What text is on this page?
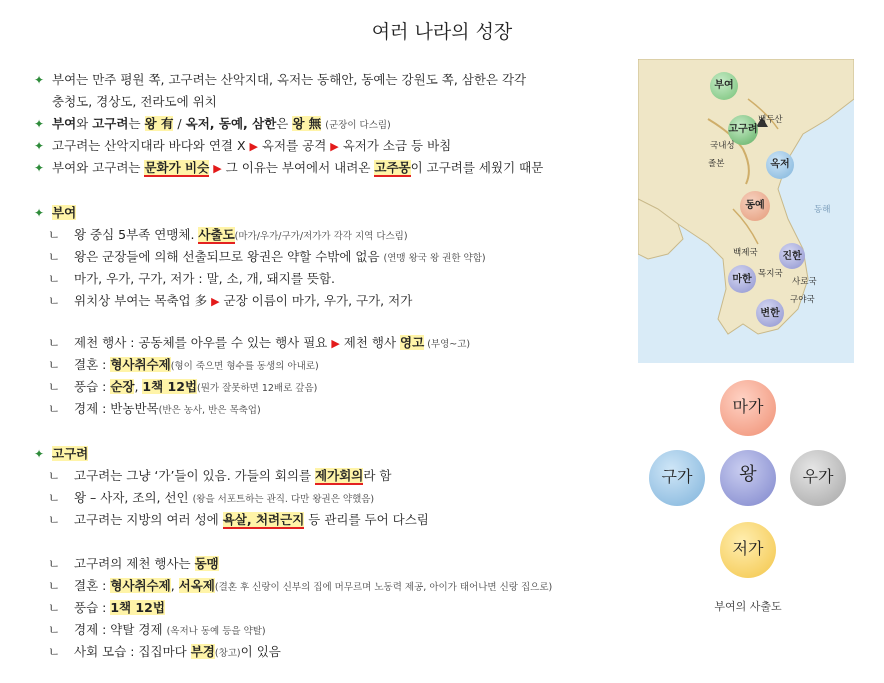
여러 나라의 성장
✦ 부여는 만주 평원 쪽, 고구려는 산악지대, 옥저는 동해안, 동예는 강원도 쪽, 삼한은 각각
충청도, 경상도, 전라도에 위치
✦ 부여와 고구려는 왕 有 / 옥저, 동예, 삼한은 왕 無 (군장이 다스림)
✦ 고구려는 산악지대라 바다와 연결 X ▶ 옥저를 공격 ▶ 옥저가 소금 등 바침
✦ 부여와 고구려는 문화가 비슷 ▶ 그 이유는 부여에서 내려온 고주몽이 고구려를 세웠기 때문
✦ 부여
ㄴ 왕 중심 5부족 연맹체. 사출도(마가/우가/구가/저가가 각각 지역 다스림)
ㄴ 왕은 군장들에 의해 선출되므로 왕권은 약할 수밖에 없음 (연맹 왕국 왕 권한 약함)
ㄴ 마가, 우가, 구가, 저가 : 말, 소, 개, 돼지를 뜻함.
ㄴ 위치상 부여는 목축업 多 ▶ 군장 이름이 마가, 우가, 구가, 저가
ㄴ 제천 행사 : 공동체를 아우를 수 있는 행사 필요 ▶ 제천 행사 영고 (부영~고)
ㄴ 결혼 : 형사취수제(형이 죽으면 형수를 동생의 아내로)
ㄴ 풍습 : 순장, 1책 12법(뭔가 잘못하면 12배로 갚음)
ㄴ 경제 : 반농반목(반은 농사, 반은 목축업)
✦ 고구려
ㄴ 고구려는 그냥 ‘가’들이 있음. 가들의 회의를 제가회의라 함
ㄴ 왕 – 사자, 조의, 선인 (왕을 서포트하는 관직. 다만 왕권은 약했음)
ㄴ 고구려는 지방의 여러 성에 욕살, 처려근지 등 관리를 두어 다스림
ㄴ 고구려의 제천 행사는 동맹
ㄴ 결혼 : 형사취수제, 서옥제(결혼 후 신랑이 신부의 집에 머무르며 노동력 제공, 아이가 태어나면 신랑 집으로)
ㄴ 풍습 : 1책 12법
ㄴ 경제 : 약탈 경제 (옥저나 동예 등을 약탈)
ㄴ 사회 모습 : 집집마다 부경(창고)이 있음
부여
고구려
옥저
동예
진한
마한
변한
백두산
국내성
졸본
백제국
목지국
사로국
구야국
동해
마가
구가	왕	우가
저가
부여의 사출도
